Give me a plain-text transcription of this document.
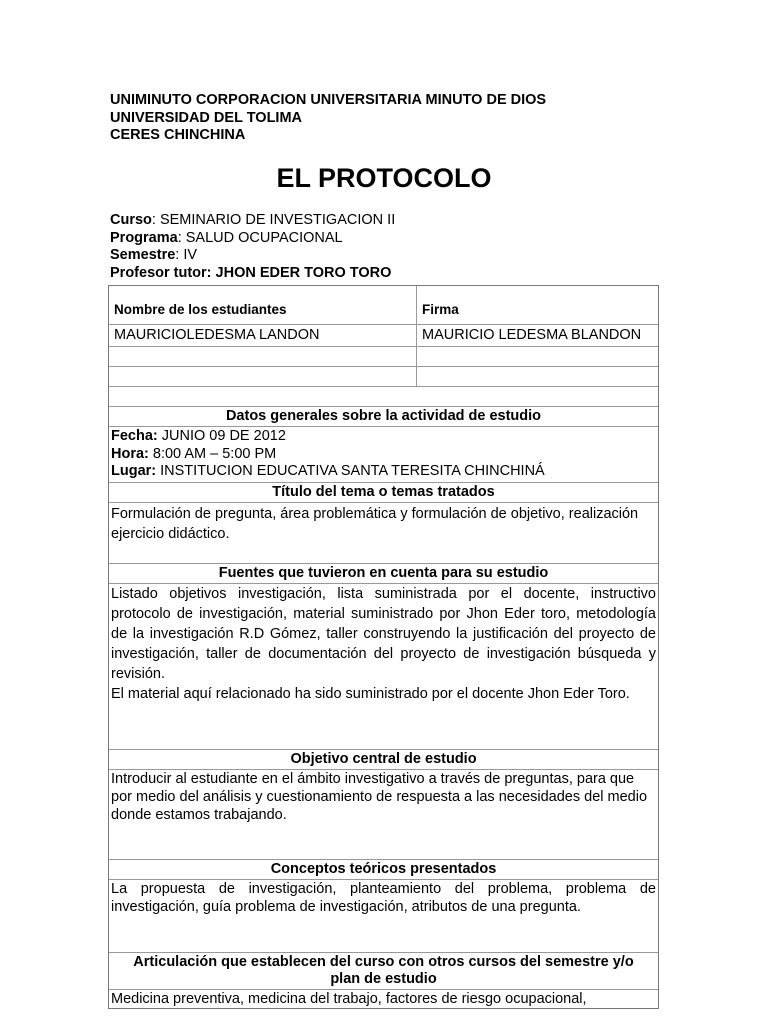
UNIMINUTO CORPORACION UNIVERSITARIA MINUTO DE DIOS
UNIVERSIDAD DEL TOLIMA
CERES CHINCHINA
EL PROTOCOLO
Curso: SEMINARIO DE INVESTIGACION II
Programa: SALUD OCUPACIONAL
Semestre: IV
Profesor tutor: JHON EDER TORO TORO
Nombre de los estudiantes	Firma
MAURICIOLEDESMA LANDON	MAURICIO LEDESMA BLANDON
Datos generales sobre la actividad de estudio
Fecha: JUNIO 09 DE 2012
Hora: 8:00 AM – 5:00 PM
Lugar: INSTITUCION EDUCATIVA SANTA TERESITA CHINCHINÁ
Título del tema o temas tratados
Formulación de pregunta, área problemática y formulación de objetivo, realización ejercicio didáctico.
Fuentes que tuvieron en cuenta para su estudio
Listado objetivos investigación, lista suministrada por el docente, instructivo protocolo de investigación, material suministrado por Jhon Eder toro, metodología de la investigación R.D Gómez, taller construyendo la justificación del proyecto de investigación, taller de documentación del proyecto de investigación búsqueda y revisión.
El material aquí relacionado ha sido suministrado por el docente Jhon Eder Toro.
Objetivo central de estudio
Introducir al estudiante en el ámbito investigativo a través de preguntas, para que por medio del análisis y cuestionamiento de respuesta a las necesidades del medio donde estamos trabajando.
Conceptos teóricos presentados
La propuesta de investigación, planteamiento del problema, problema de investigación, guía problema de investigación, atributos de una pregunta.
Articulación que establecen del curso con otros cursos del semestre y/o plan de estudio
Medicina preventiva, medicina del trabajo, factores de riesgo ocupacional,
